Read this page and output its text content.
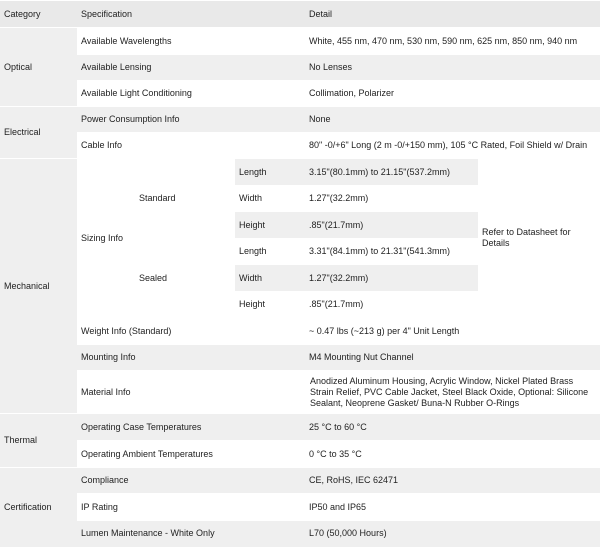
Category	Specification			Detail	
Optical	Available Wavelengths			White, 455 nm, 470 nm, 530 nm, 590 nm, 625 nm, 850 nm, 940 nm	
	Available Lensing			No Lenses	
	Available Light Conditioning			Collimation, Polarizer	
Electrical	Power Consumption Info			None	
	Cable Info			80" -0/+6" Long (2 m -0/+150 mm), 105 °C Rated, Foil Shield w/ Drain	
Mechanical	Sizing Info	Standard	Length	3.15"(80.1mm) to 21.15"(537.2mm)	Refer to Datasheet for Details
			Width	1.27"(32.2mm)	
			Height	.85"(21.7mm)	
		Sealed	Length	3.31"(84.1mm) to 21.31"(541.3mm)	
			Width	1.27"(32.2mm)	
			Height	.85"(21.7mm)	
	Weight Info (Standard)			~ 0.47 lbs (~213 g) per 4" Unit Length	
	Mounting Info			M4 Mounting Nut Channel	
	Material Info			Anodized Aluminum Housing, Acrylic Window, Nickel Plated Brass Strain Relief, PVC Cable Jacket, Steel Black Oxide, Optional: Silicone Sealant, Neoprene Gasket/ Buna-N Rubber O-Rings	
Thermal	Operating Case Temperatures			25 °C to 60 °C	
	Operating Ambient Temperatures			0 °C to 35 °C	
Certification	Compliance			CE, RoHS, IEC 62471	
	IP Rating			IP50 and IP65	
	Lumen Maintenance - White Only			L70 (50,000 Hours)	
